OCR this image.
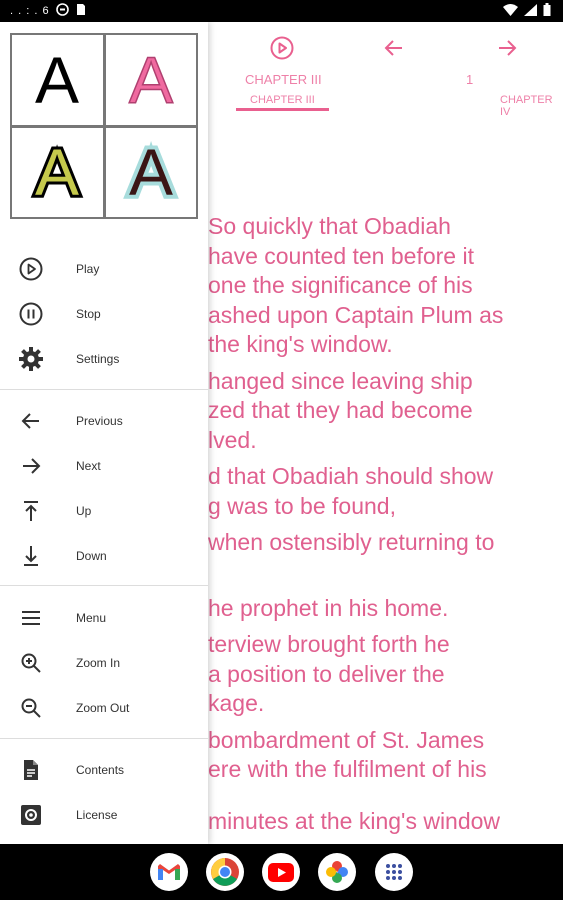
. . : . 6
CHAPTER III	1
CHAPTER III	CHAPTER IV

So quickly that Obadiah
have counted ten before it
one the significance of his
ashed upon Captain Plum as
the king's window.

hanged since leaving ship
zed that they had become
lved.

d that Obadiah should show
g was to be found,

when ostensibly returning to

he prophet in his home.

terview brought forth he
a position to deliver the
kage.

bombardment of St. James
ere with the fulfilment of his

minutes at the king's window

A A
A A
Play
Stop
Settings
Previous
Next
Up
Down
Menu
Zoom In
Zoom Out
Contents
License
